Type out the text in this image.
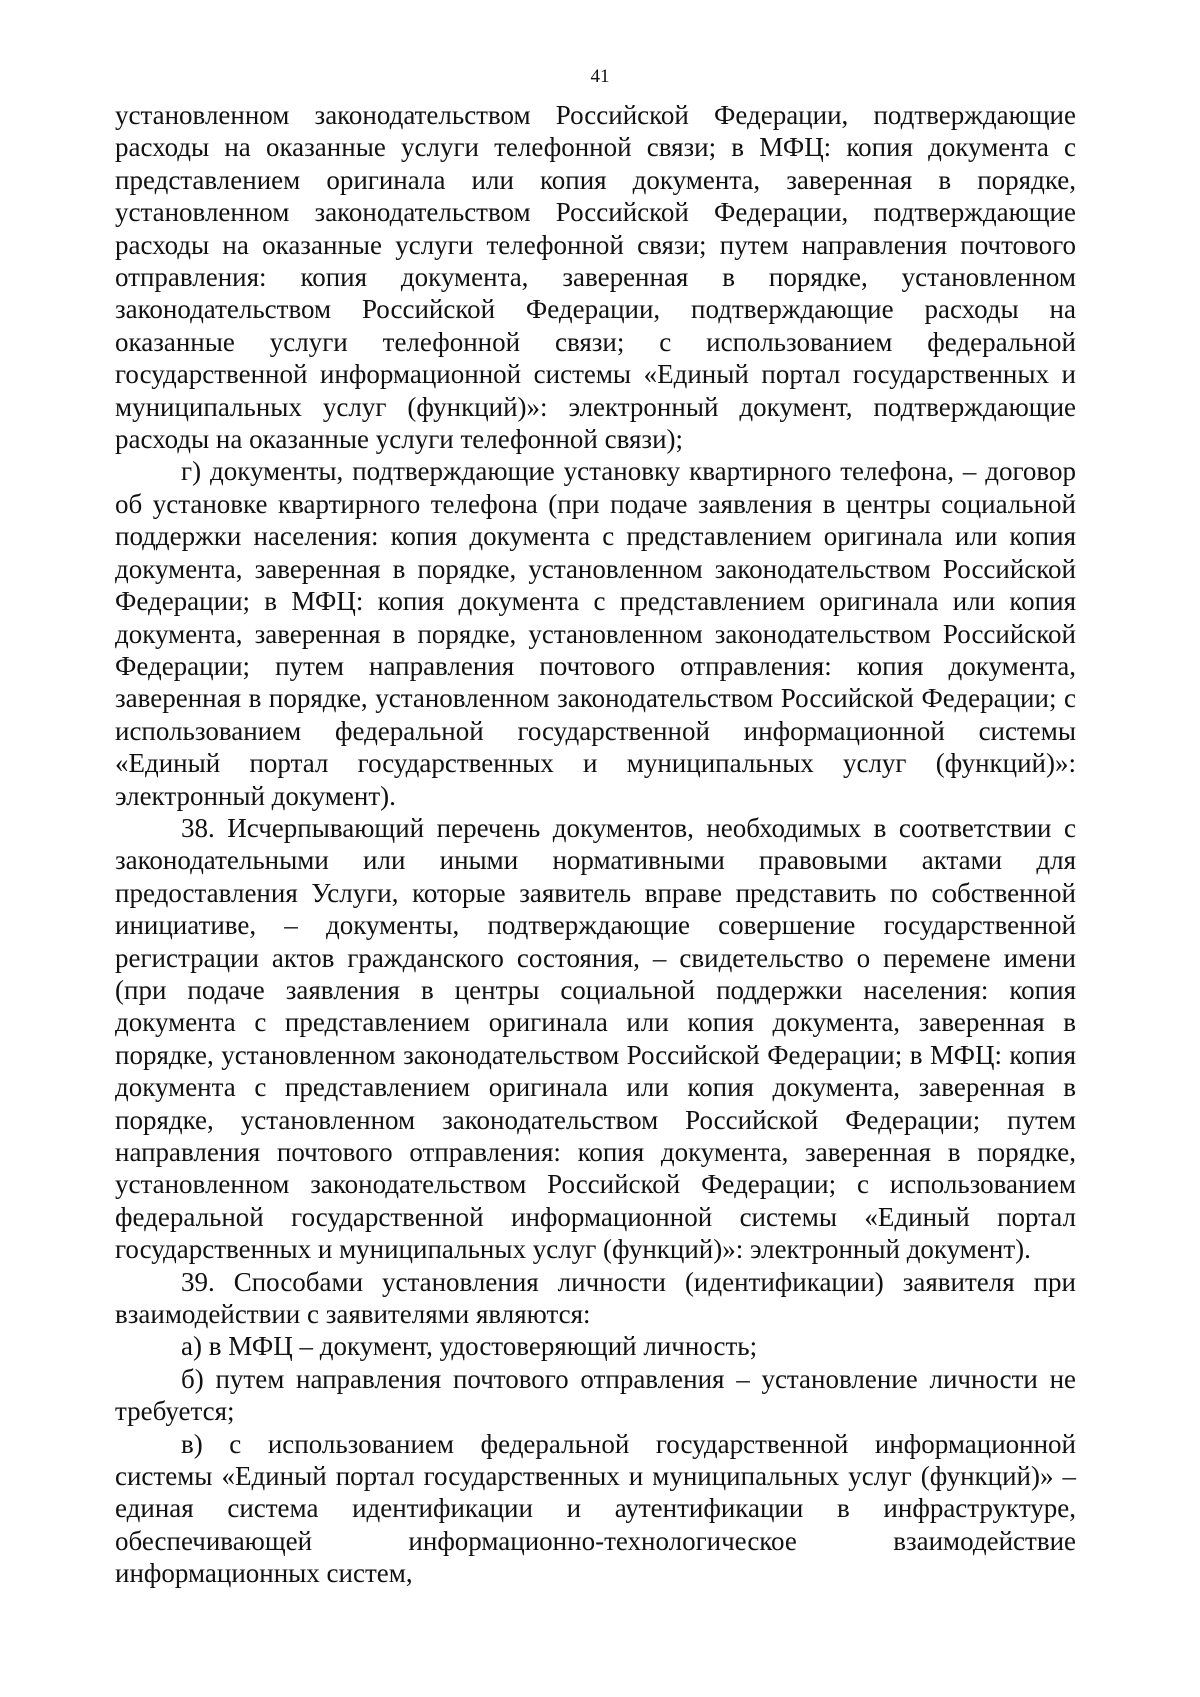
41

установленном законодательством Российской Федерации, подтверждающие расходы на оказанные услуги телефонной связи; в МФЦ: копия документа с представлением оригинала или копия документа, заверенная в порядке, установленном законодательством Российской Федерации, подтверждающие расходы на оказанные услуги телефонной связи; путем направления почтового отправления: копия документа, заверенная в порядке, установленном законодательством Российской Федерации, подтверждающие расходы на оказанные услуги телефонной связи; с использованием федеральной государственной информационной системы «Единый портал государственных и муниципальных услуг (функций)»: электронный документ, подтверждающие расходы на оказанные услуги телефонной связи);

г) документы, подтверждающие установку квартирного телефона, – договор об установке квартирного телефона (при подаче заявления в центры социальной поддержки населения: копия документа с представлением оригинала или копия документа, заверенная в порядке, установленном законодательством Российской Федерации; в МФЦ: копия документа с представлением оригинала или копия документа, заверенная в порядке, установленном законодательством Российской Федерации; путем направления почтового отправления: копия документа, заверенная в порядке, установленном законодательством Российской Федерации; с использованием федеральной государственной информационной системы «Единый портал государственных и муниципальных услуг (функций)»: электронный документ).

38. Исчерпывающий перечень документов, необходимых в соответствии с законодательными или иными нормативными правовыми актами для предоставления Услуги, которые заявитель вправе представить по собственной инициативе, – документы, подтверждающие совершение государственной регистрации актов гражданского состояния, – свидетельство о перемене имени (при подаче заявления в центры социальной поддержки населения: копия документа с представлением оригинала или копия документа, заверенная в порядке, установленном законодательством Российской Федерации; в МФЦ: копия документа с представлением оригинала или копия документа, заверенная в порядке, установленном законодательством Российской Федерации; путем направления почтового отправления: копия документа, заверенная в порядке, установленном законодательством Российской Федерации; с использованием федеральной государственной информационной системы «Единый портал государственных и муниципальных услуг (функций)»: электронный документ).

39. Способами установления личности (идентификации) заявителя при взаимодействии с заявителями являются:

а) в МФЦ – документ, удостоверяющий личность;

б) путем направления почтового отправления – установление личности не требуется;

в) с использованием федеральной государственной информационной системы «Единый портал государственных и муниципальных услуг (функций)» – единая система идентификации и аутентификации в инфраструктуре, обеспечивающей информационно-технологическое взаимодействие информационных систем,
